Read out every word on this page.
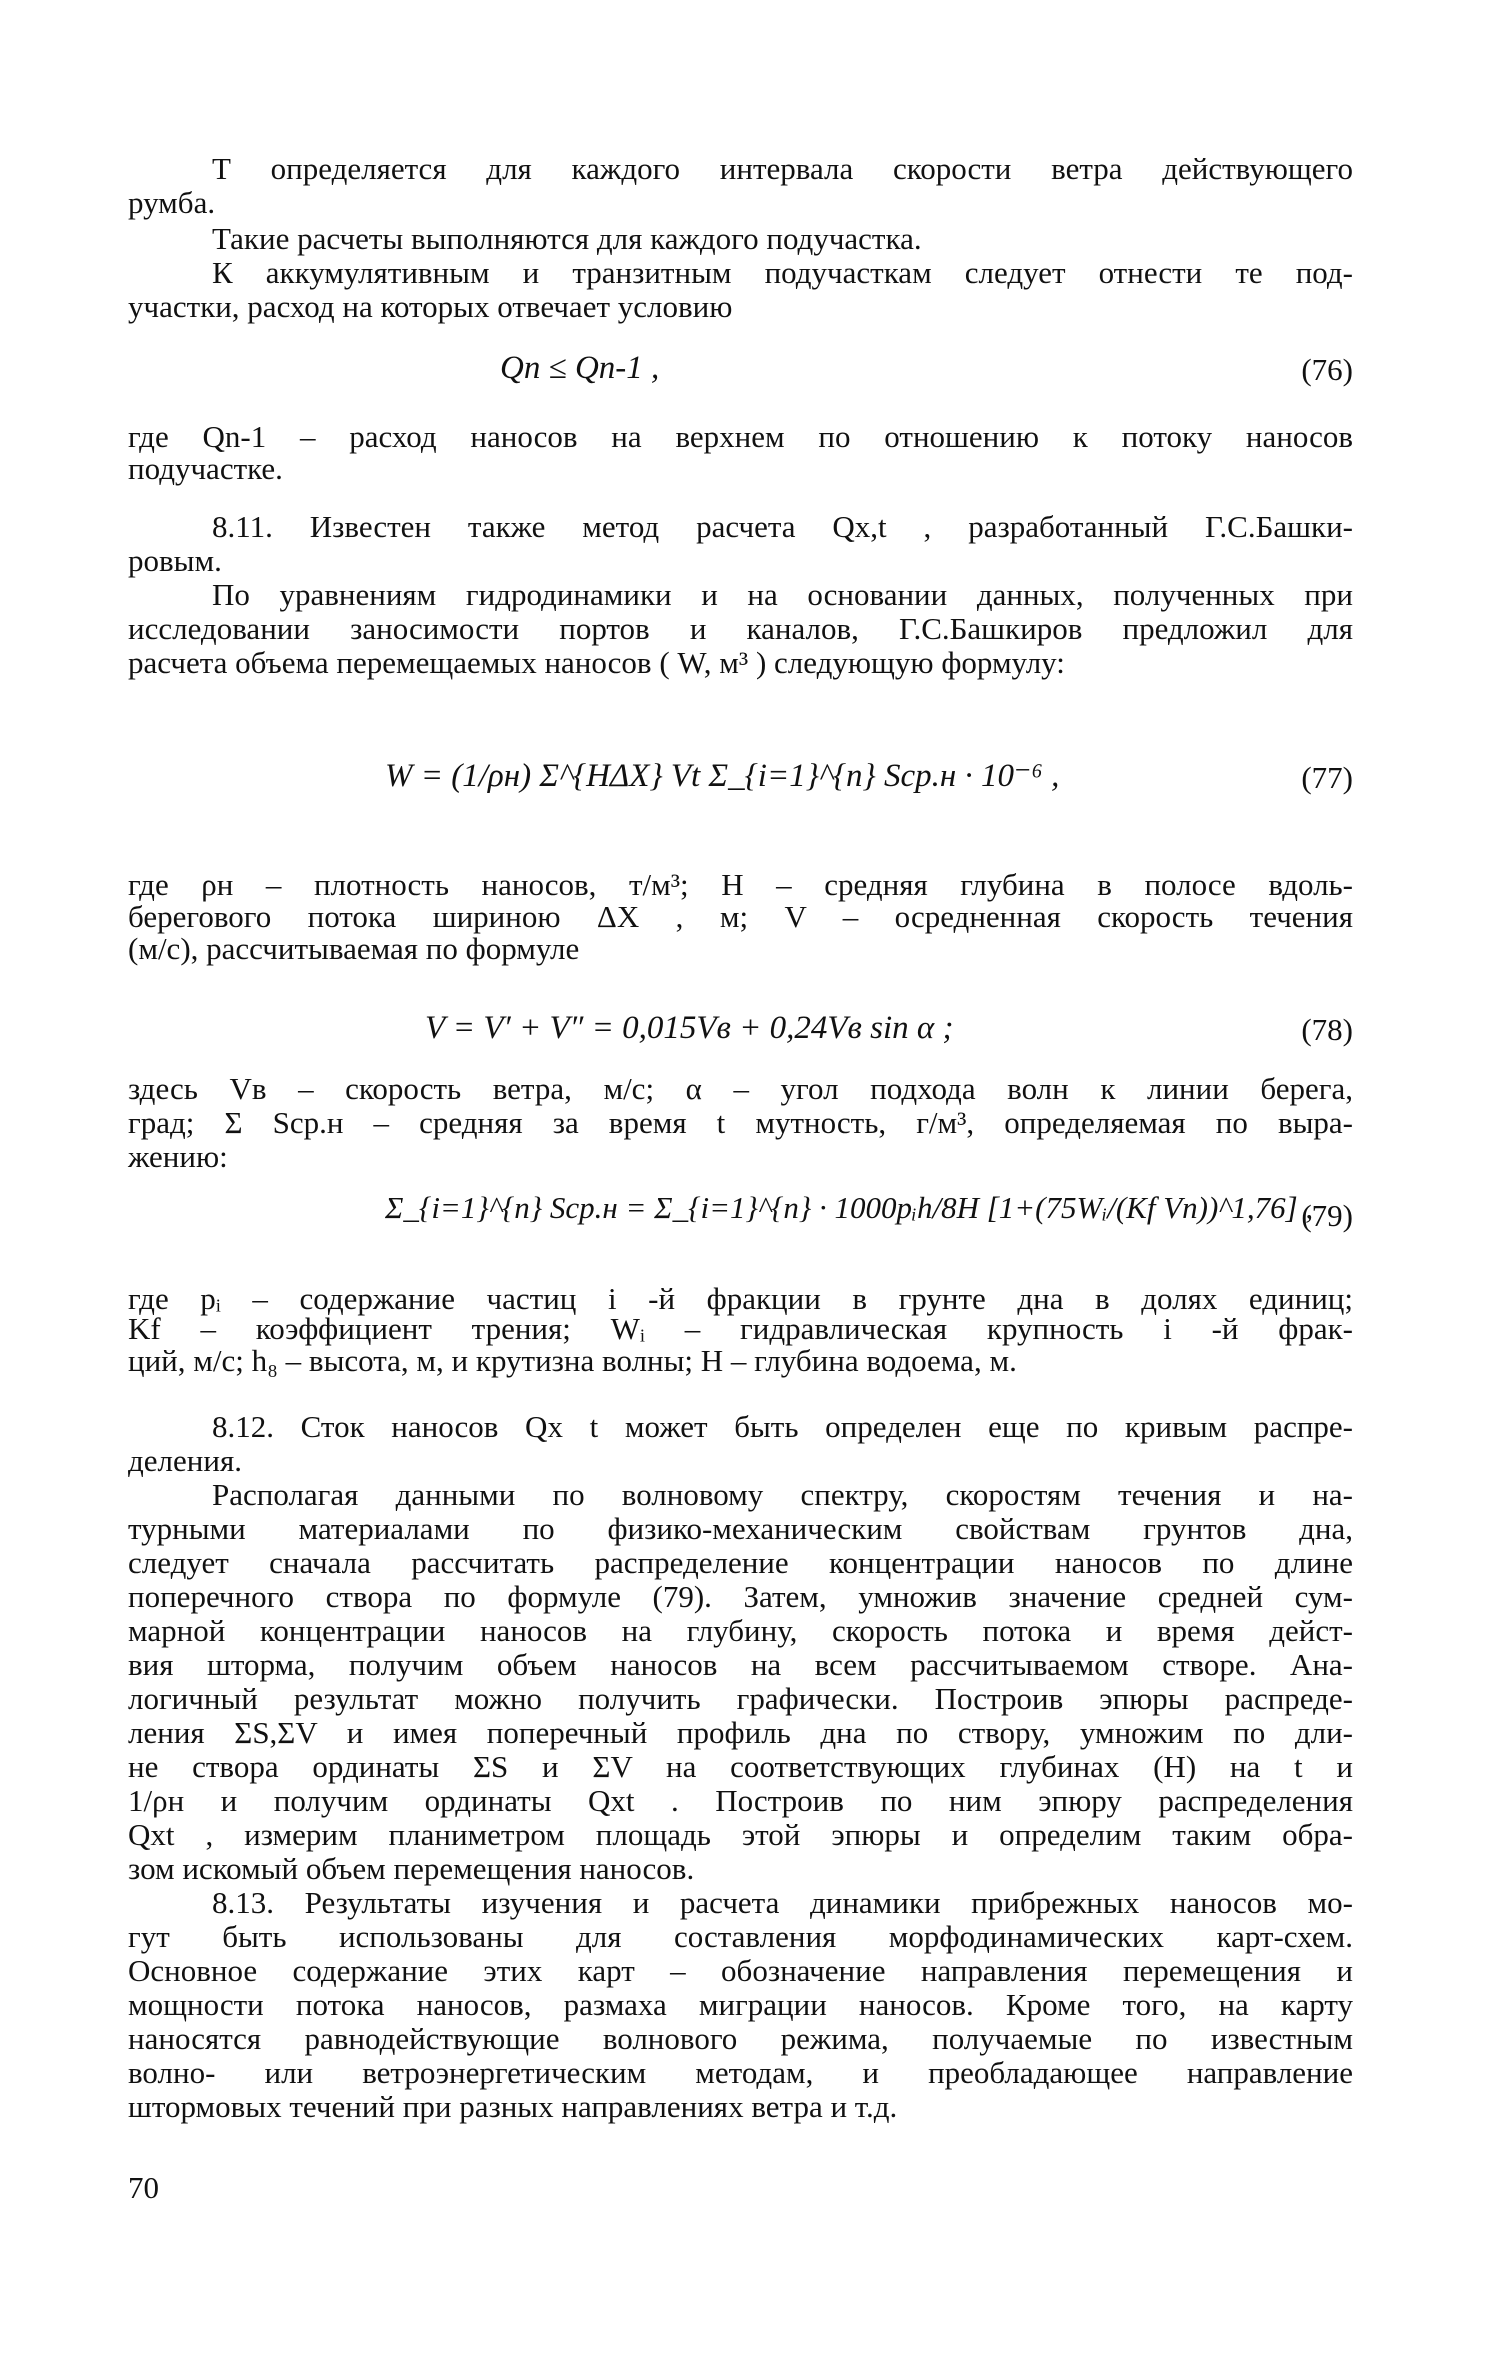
Т определяется для каждого интервала скорости ветра действующего
румба.
Такие расчеты выполняются для каждого подучастка.
К аккумулятивным и транзитным подучасткам следует отнести те под-
участки, расход на которых отвечает условию
Qn ≤ Qn-1 ,	(76)
где Qn-1 – расход наносов на верхнем по отношению к потоку наносов
подучастке.
8.11. Известен также метод расчета Qx,t , разработанный Г.С.Башки-
ровым.
По уравнениям гидродинамики и на основании данных, полученных при
исследовании заносимости портов и каналов, Г.С.Башкиров предложил для
расчета объема перемещаемых наносов ( W, м³ ) следующую формулу:
W = (1/ρн) Σ^{HΔX} Vt Σ_{i=1}^{n} Sср.н · 10⁻⁶ ,	(77)
где ρн – плотность наносов, т/м³; H – средняя глубина в полосе вдоль-
берегового потока шириною ΔX , м; V – осредненная скорость течения
(м/с), рассчитываемая по формуле
V = V′ + V″ = 0,015Vв + 0,24Vв sin α ;	(78)
здесь Vв – скорость ветра, м/с; α – угол подхода волн к линии берега,
град; Σ Sср.н – средняя за время t мутность, г/м³, определяемая по выра-
жению:
Σ_{i=1}^{n} Sср.н = Σ_{i=1}^{n} · 1000pᵢh/8H [1+(75Wᵢ/(Kf Vn))^1,76] ,
(79)
где pᵢ – содержание частиц i -й фракции в грунте дна в долях единиц;
Kf – коэффициент трения; Wᵢ – гидравлическая крупность i -й фрак-
ций, м/с; h₈ – высота, м, и крутизна волны; H – глубина водоема, м.
8.12. Сток наносов Qx t может быть определен еще по кривым распре-
деления.
Располагая данными по волновому спектру, скоростям течения и на-
турными материалами по физико-механическим свойствам грунтов дна,
следует сначала рассчитать распределение концентрации наносов по длине
поперечного створа по формуле (79). Затем, умножив значение средней сум-
марной концентрации наносов на глубину, скорость потока и время дейст-
вия шторма, получим объем наносов на всем рассчитываемом створе. Ана-
логичный результат можно получить графически. Построив эпюры распреде-
ления ΣS,ΣV и имея поперечный профиль дна по створу, умножим по дли-
не створа ординаты ΣS и ΣV на соответствующих глубинах (H) на t и
1/ρн и получим ординаты Qxt . Построив по ним эпюру распределения
Qxt , измерим планиметром площадь этой эпюры и определим таким обра-
зом искомый объем перемещения наносов.
8.13. Результаты изучения и расчета динамики прибрежных наносов мо-
гут быть использованы для составления морфодинамических карт-схем.
Основное содержание этих карт – обозначение направления перемещения и
мощности потока наносов, размаха миграции наносов. Кроме того, на карту
наносятся равнодействующие волнового режима, получаемые по известным
волно- или ветроэнергетическим методам, и преобладающее направление
штормовых течений при разных направлениях ветра и т.д.
70
